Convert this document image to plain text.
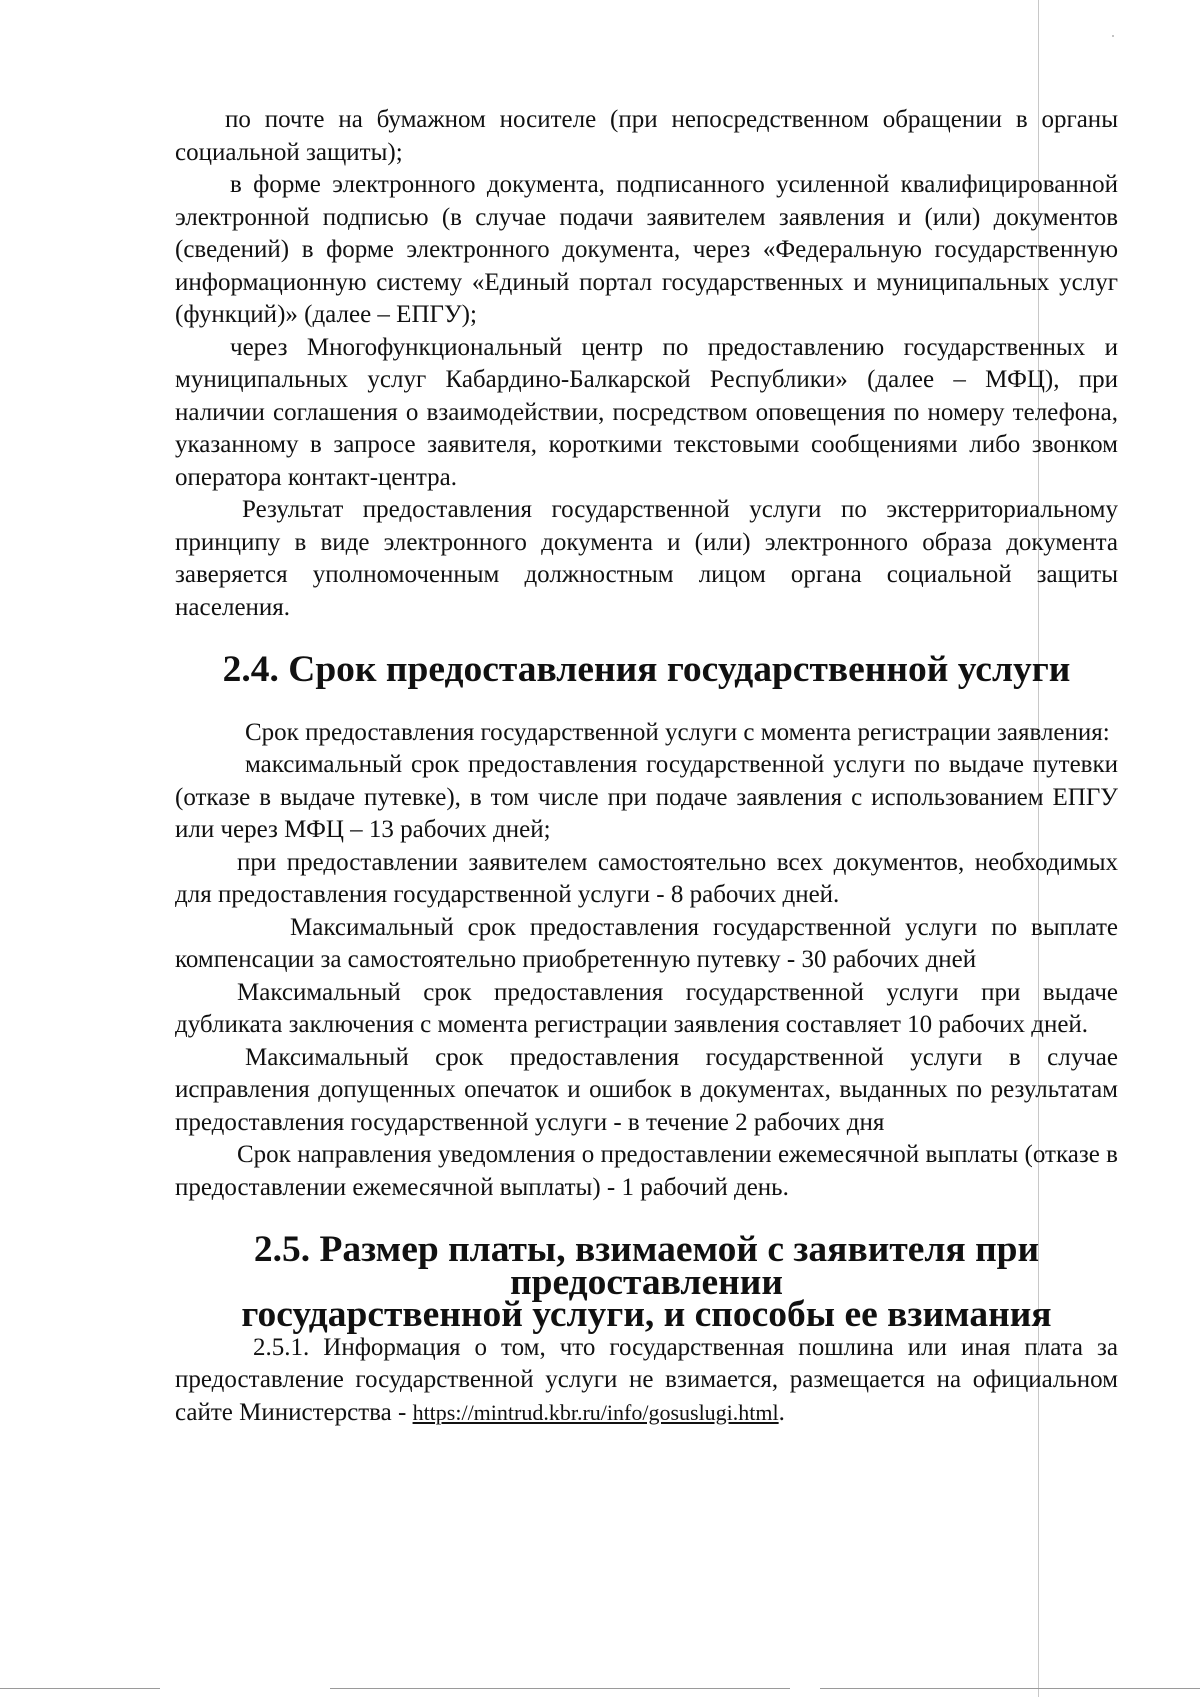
по почте на бумажном носителе (при непосредственном обращении в органы социальной защиты);

в форме электронного документа, подписанного усиленной квалифицированной электронной подписью (в случае подачи заявителем заявления и (или) документов (сведений) в форме электронного документа, через «Федеральную государственную информационную систему «Единый портал государственных и муниципальных услуг (функций)» (далее – ЕПГУ);

через Многофункциональный центр по предоставлению государственных и муниципальных услуг Кабардино-Балкарской Республики» (далее – МФЦ), при наличии соглашения о взаимодействии, посредством оповещения по номеру телефона, указанному в запросе заявителя, короткими текстовыми сообщениями либо звонком оператора контакт-центра.

Результат предоставления государственной услуги по экстерриториальному принципу в виде электронного документа и (или) электронного образа документа заверяется уполномоченным должностным лицом органа социальной защиты населения.

2.4. Срок предоставления государственной услуги

Срок предоставления государственной услуги с момента регистрации заявления:

максимальный срок предоставления государственной услуги по выдаче путевки (отказе в выдаче путевке), в том числе при подаче заявления с использованием ЕПГУ или через МФЦ – 13 рабочих дней;

при предоставлении заявителем самостоятельно всех документов, необходимых для предоставления государственной услуги - 8 рабочих дней.

Максимальный срок предоставления государственной услуги по выплате компенсации за самостоятельно приобретенную путевку - 30 рабочих дней

Максимальный срок предоставления государственной услуги при выдаче дубликата заключения с момента регистрации заявления составляет 10 рабочих дней.

Максимальный срок предоставления государственной услуги в случае исправления допущенных опечаток и ошибок в документах, выданных по результатам предоставления государственной услуги - в течение 2 рабочих дня

Срок направления уведомления о предоставлении ежемесячной выплаты (отказе в предоставлении ежемесячной выплаты) - 1 рабочий день.

2.5. Размер платы, взимаемой с заявителя при предоставлении
государственной услуги, и способы ее взимания

2.5.1. Информация о том, что государственная пошлина или иная плата за предоставление государственной услуги не взимается, размещается на официальном сайте Министерства - https://mintrud.kbr.ru/info/gosuslugi.html.
